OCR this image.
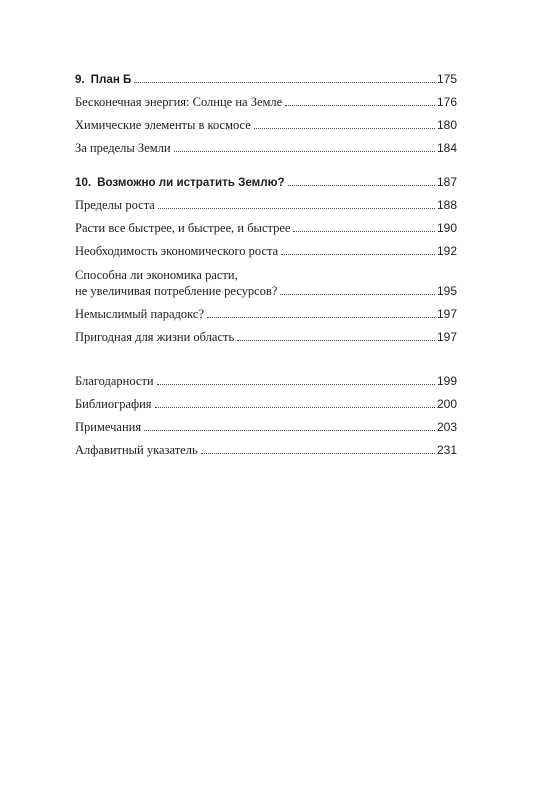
9. План Б	175
Бесконечная энергия: Солнце на Земле	176
Химические элементы в космосе	180
За пределы Земли	184
10. Возможно ли истратить Землю?	187
Пределы роста	188
Расти все быстрее, и быстрее, и быстрее	190
Необходимость экономического роста	192
Способна ли экономика расти,
не увеличивая потребление ресурсов?	195
Немыслимый парадокс?	197
Пригодная для жизни область	197
Благодарности	199
Библиография	200
Примечания	203
Алфавитный указатель	231
